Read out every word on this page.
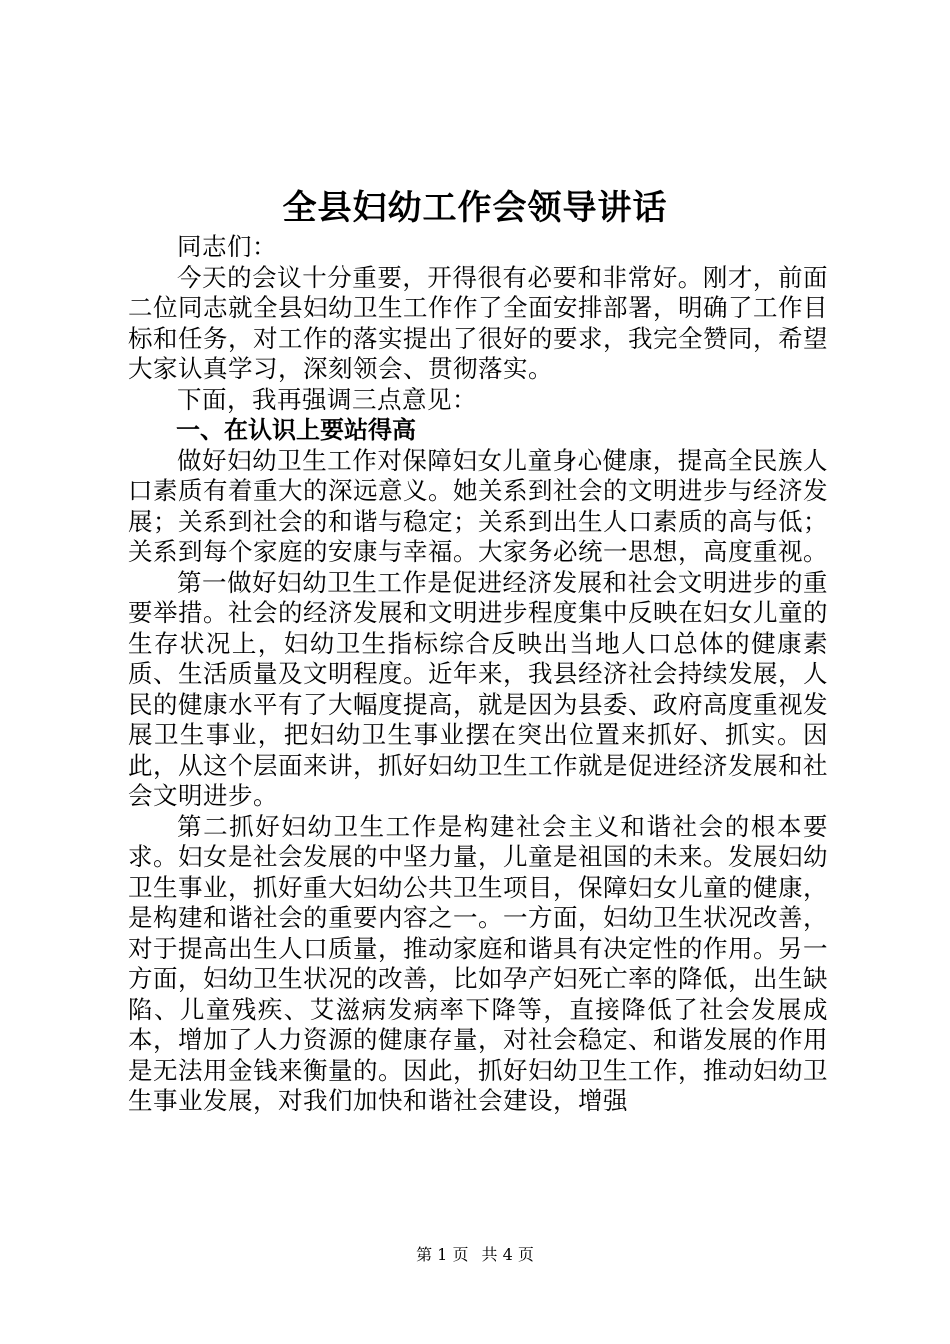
全县妇幼工作会领导讲话

同志们：

今天的会议十分重要，开得很有必要和非常好。刚才，前面二位同志就全县妇幼卫生工作作了全面安排部署，明确了工作目标和任务，对工作的落实提出了很好的要求，我完全赞同，希望大家认真学习，深刻领会、贯彻落实。

下面，我再强调三点意见：

一、在认识上要站得高

做好妇幼卫生工作对保障妇女儿童身心健康，提高全民族人口素质有着重大的深远意义。她关系到社会的文明进步与经济发展；关系到社会的和谐与稳定；关系到出生人口素质的高与低；关系到每个家庭的安康与幸福。大家务必统一思想，高度重视。

第一做好妇幼卫生工作是促进经济发展和社会文明进步的重要举措。社会的经济发展和文明进步程度集中反映在妇女儿童的生存状况上，妇幼卫生指标综合反映出当地人口总体的健康素质、生活质量及文明程度。近年来，我县经济社会持续发展，人民的健康水平有了大幅度提高，就是因为县委、政府高度重视发展卫生事业，把妇幼卫生事业摆在突出位置来抓好、抓实。因此，从这个层面来讲，抓好妇幼卫生工作就是促进经济发展和社会文明进步。

第二抓好妇幼卫生工作是构建社会主义和谐社会的根本要求。妇女是社会发展的中坚力量，儿童是祖国的未来。发展妇幼卫生事业，抓好重大妇幼公共卫生项目，保障妇女儿童的健康，是构建和谐社会的重要内容之一。一方面，妇幼卫生状况改善，对于提高出生人口质量，推动家庭和谐具有决定性的作用。另一方面，妇幼卫生状况的改善，比如孕产妇死亡率的降低，出生缺陷、儿童残疾、艾滋病发病率下降等，直接降低了社会发展成本，增加了人力资源的健康存量，对社会稳定、和谐发展的作用是无法用金钱来衡量的。因此，抓好妇幼卫生工作，推动妇幼卫生事业发展，对我们加快和谐社会建设，增强

第 1 页 共 4 页
